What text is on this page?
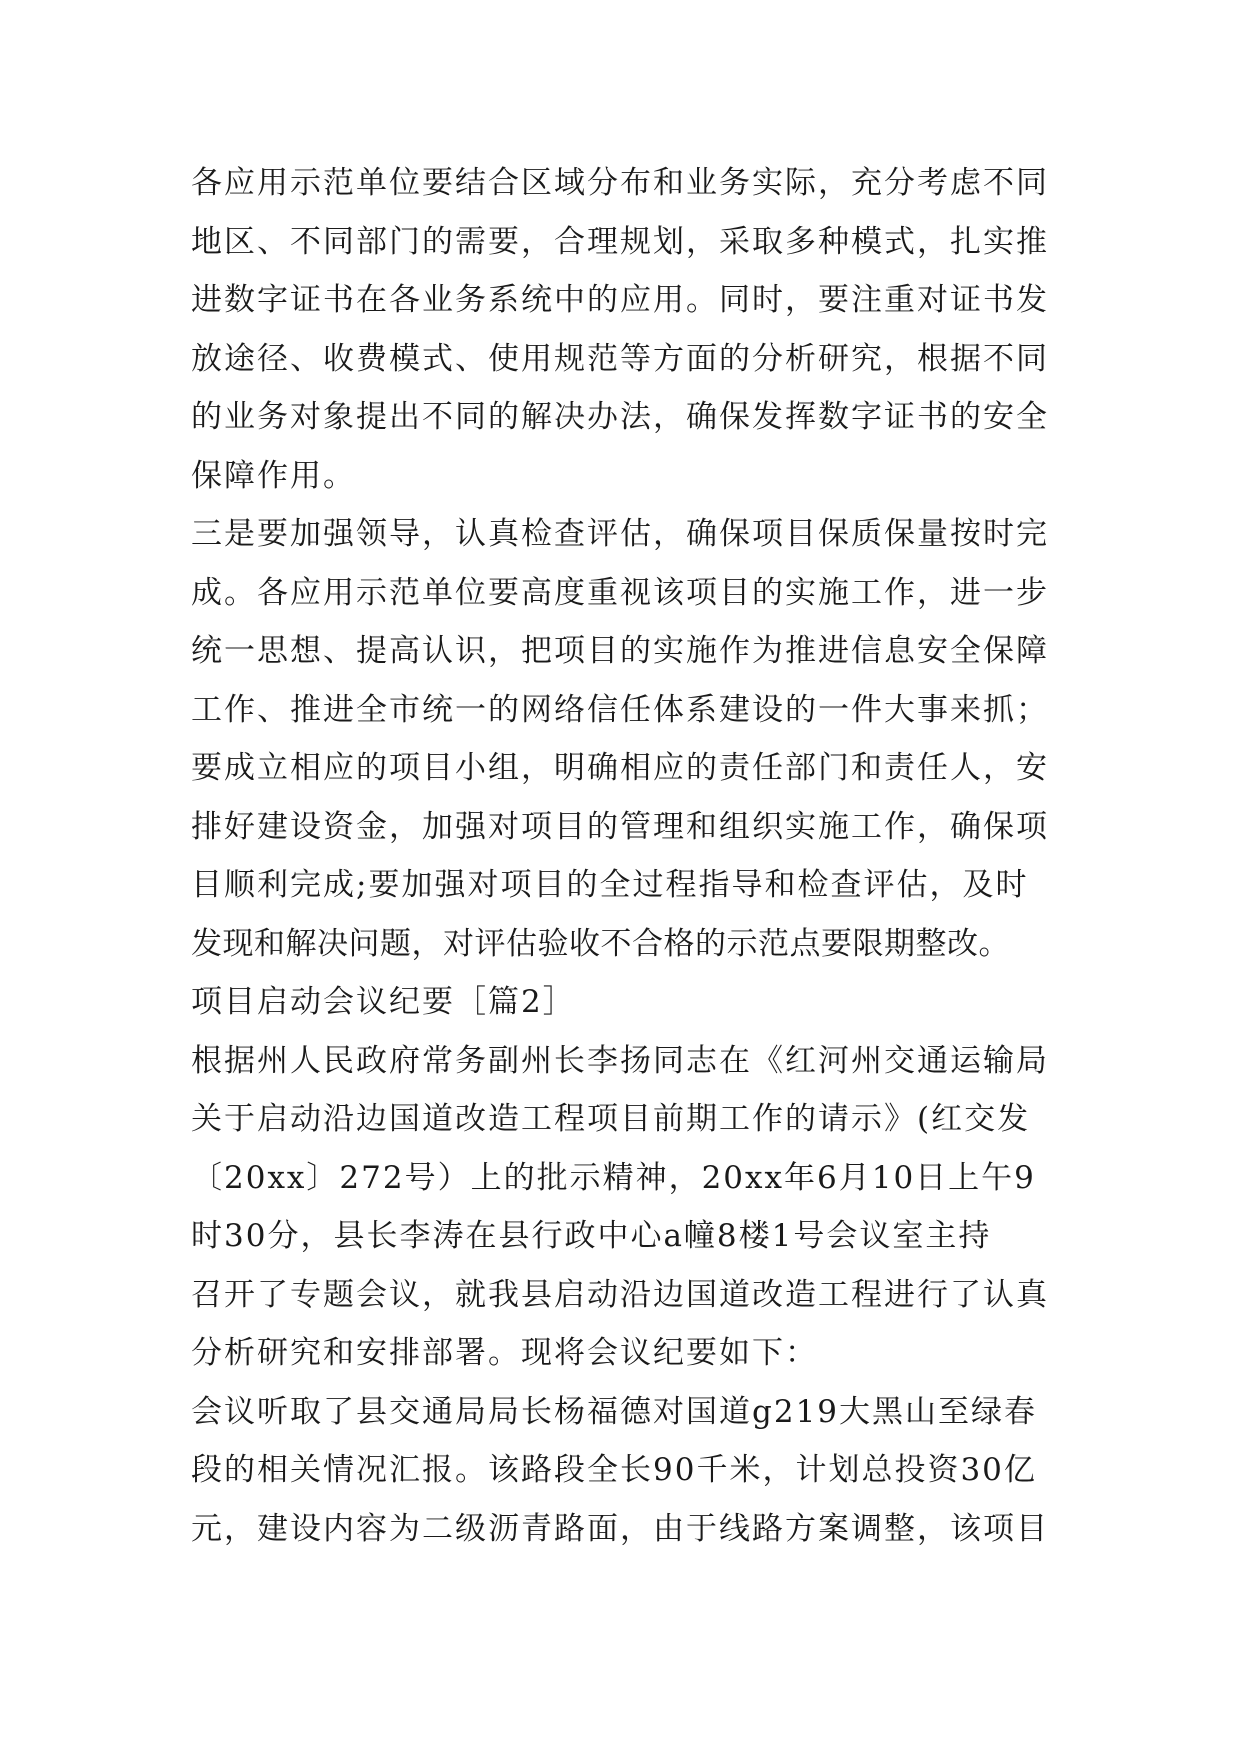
各应用示范单位要结合区域分布和业务实际，充分考虑不同
地区、不同部门的需要，合理规划，采取多种模式，扎实推
进数字证书在各业务系统中的应用。同时，要注重对证书发
放途径、收费模式、使用规范等方面的分析研究，根据不同
的业务对象提出不同的解决办法，确保发挥数字证书的安全
保障作用。
三是要加强领导，认真检查评估，确保项目保质保量按时完
成。各应用示范单位要高度重视该项目的实施工作，进一步
统一思想、提高认识，把项目的实施作为推进信息安全保障
工作、推进全市统一的网络信任体系建设的一件大事来抓；
要成立相应的项目小组，明确相应的责任部门和责任人，安
排好建设资金，加强对项目的管理和组织实施工作，确保项
目顺利完成;要加强对项目的全过程指导和检查评估，及时
发现和解决问题，对评估验收不合格的示范点要限期整改。
项目启动会议纪要［篇2］
根据州人民政府常务副州长李扬同志在《红河州交通运输局
关于启动沿边国道改造工程项目前期工作的请示》(红交发
〔20xx〕272号）上的批示精神，20xx年6月10日上午9
时30分，县长李涛在县行政中心a幢8楼1号会议室主持
召开了专题会议，就我县启动沿边国道改造工程进行了认真
分析研究和安排部署。现将会议纪要如下：
会议听取了县交通局局长杨福德对国道g219大黑山至绿春
段的相关情况汇报。该路段全长90千米，计划总投资30亿
元，建设内容为二级沥青路面，由于线路方案调整，该项目
